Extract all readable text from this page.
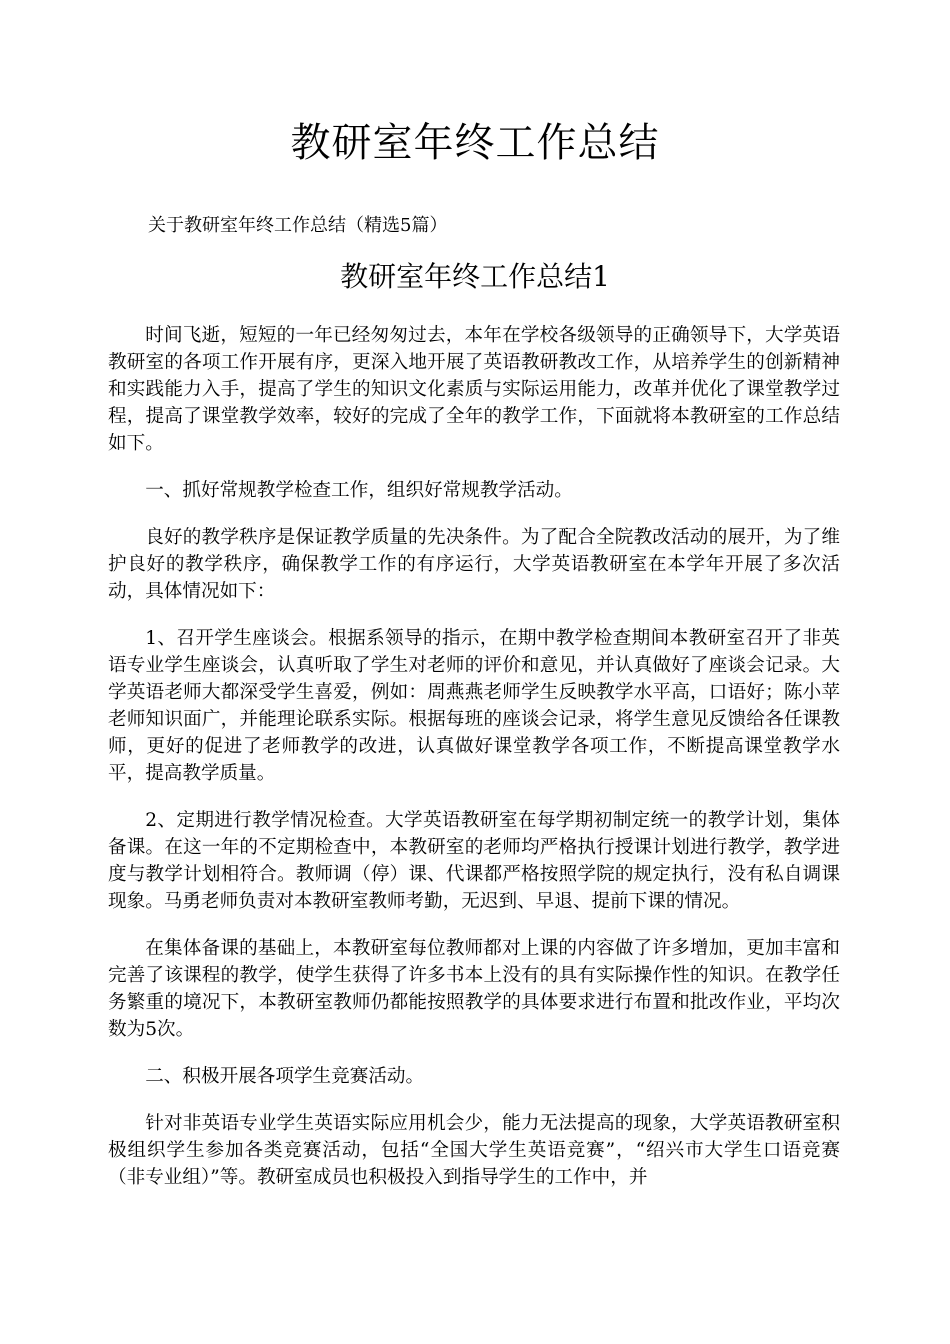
教研室年终工作总结

关于教研室年终工作总结（精选5篇）

教研室年终工作总结1

时间飞逝，短短的一年已经匆匆过去，本年在学校各级领导的正确领导下，大学英语教研室的各项工作开展有序，更深入地开展了英语教研教改工作，从培养学生的创新精神和实践能力入手，提高了学生的知识文化素质与实际运用能力，改革并优化了课堂教学过程，提高了课堂教学效率，较好的完成了全年的教学工作，下面就将本教研室的工作总结如下。

一、抓好常规教学检查工作，组织好常规教学活动。

良好的教学秩序是保证教学质量的先决条件。为了配合全院教改活动的展开，为了维护良好的教学秩序，确保教学工作的有序运行，大学英语教研室在本学年开展了多次活动，具体情况如下：

1、召开学生座谈会。根据系领导的指示，在期中教学检查期间本教研室召开了非英语专业学生座谈会，认真听取了学生对老师的评价和意见，并认真做好了座谈会记录。大学英语老师大都深受学生喜爱，例如：周燕燕老师学生反映教学水平高，口语好；陈小苹老师知识面广，并能理论联系实际。根据每班的座谈会记录，将学生意见反馈给各任课教师，更好的促进了老师教学的改进，认真做好课堂教学各项工作，不断提高课堂教学水平，提高教学质量。

2、定期进行教学情况检查。大学英语教研室在每学期初制定统一的教学计划，集体备课。在这一年的不定期检查中，本教研室的老师均严格执行授课计划进行教学，教学进度与教学计划相符合。教师调（停）课、代课都严格按照学院的规定执行，没有私自调课现象。马勇老师负责对本教研室教师考勤，无迟到、早退、提前下课的情况。

在集体备课的基础上，本教研室每位教师都对上课的内容做了许多增加，更加丰富和完善了该课程的教学，使学生获得了许多书本上没有的具有实际操作性的知识。在教学任务繁重的境况下，本教研室教师仍都能按照教学的具体要求进行布置和批改作业，平均次数为5次。

二、积极开展各项学生竞赛活动。

针对非英语专业学生英语实际应用机会少，能力无法提高的现象，大学英语教研室积极组织学生参加各类竞赛活动，包括“全国大学生英语竞赛”，“绍兴市大学生口语竞赛（非专业组）”等。教研室成员也积极投入到指导学生的工作中，并
